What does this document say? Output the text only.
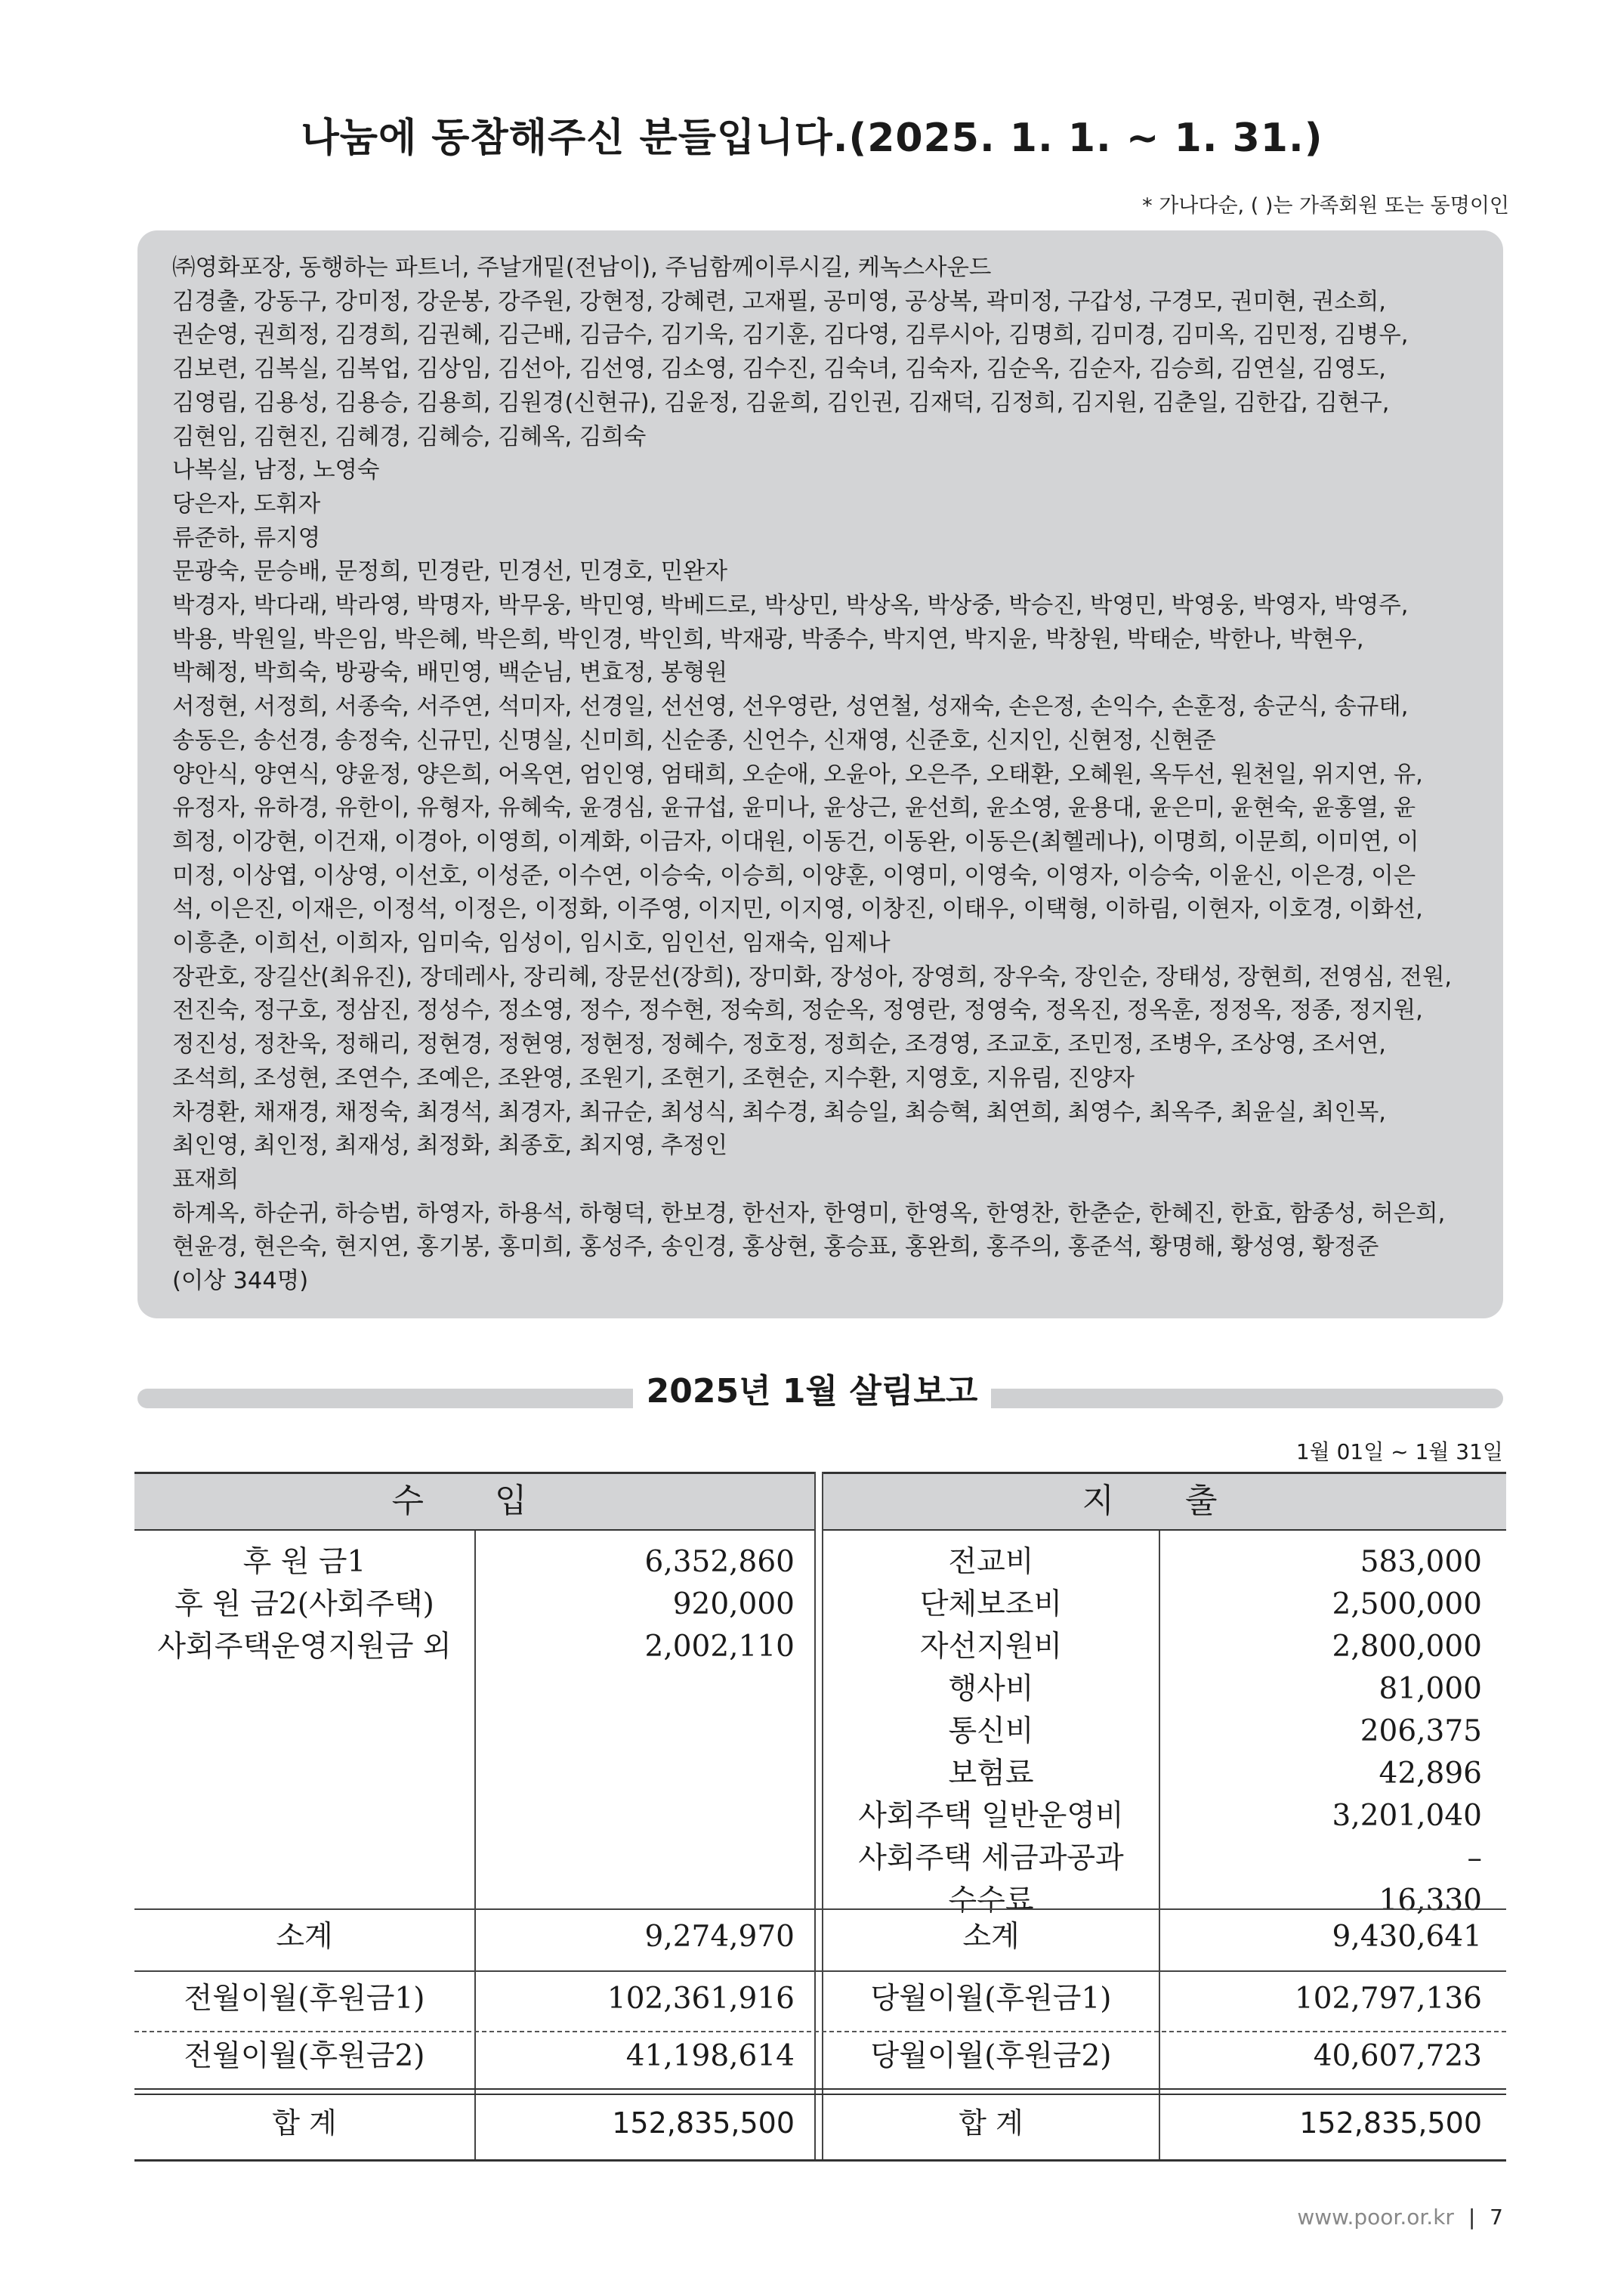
나눔에 동참해주신 분들입니다.(2025. 1. 1. ~ 1. 31.)
* 가나다순, ( )는 가족회원 또는 동명이인
㈜영화포장, 동행하는 파트너, 주날개밑(전남이), 주님함께이루시길, 케녹스사운드
김경출, 강동구, 강미정, 강운봉, 강주원, 강현정, 강혜련, 고재필, 공미영, 공상복, 곽미정, 구갑성, 구경모, 권미현, 권소희,
권순영, 권희정, 김경희, 김권혜, 김근배, 김금수, 김기욱, 김기훈, 김다영, 김루시아, 김명희, 김미경, 김미옥, 김민정, 김병우,
김보련, 김복실, 김복업, 김상임, 김선아, 김선영, 김소영, 김수진, 김숙녀, 김숙자, 김순옥, 김순자, 김승희, 김연실, 김영도,
김영림, 김용성, 김용승, 김용희, 김원경(신현규), 김윤정, 김윤희, 김인권, 김재덕, 김정희, 김지원, 김춘일, 김한갑, 김현구,
김현임, 김현진, 김혜경, 김혜승, 김혜옥, 김희숙
나복실, 남정, 노영숙
당은자, 도휘자
류준하, 류지영
문광숙, 문승배, 문정희, 민경란, 민경선, 민경호, 민완자
박경자, 박다래, 박라영, 박명자, 박무웅, 박민영, 박베드로, 박상민, 박상옥, 박상중, 박승진, 박영민, 박영웅, 박영자, 박영주,
박용, 박원일, 박은임, 박은혜, 박은희, 박인경, 박인희, 박재광, 박종수, 박지연, 박지윤, 박창원, 박태순, 박한나, 박현우,
박혜정, 박희숙, 방광숙, 배민영, 백순님, 변효정, 봉형원
서정현, 서정희, 서종숙, 서주연, 석미자, 선경일, 선선영, 선우영란, 성연철, 성재숙, 손은정, 손익수, 손훈정, 송군식, 송규태,
송동은, 송선경, 송정숙, 신규민, 신명실, 신미희, 신순종, 신언수, 신재영, 신준호, 신지인, 신현정, 신현준
양안식, 양연식, 양윤정, 양은희, 어옥연, 엄인영, 엄태희, 오순애, 오윤아, 오은주, 오태환, 오혜원, 옥두선, 원천일, 위지연, 유,
유정자, 유하경, 유한이, 유형자, 유혜숙, 윤경심, 윤규섭, 윤미나, 윤상근, 윤선희, 윤소영, 윤용대, 윤은미, 윤현숙, 윤홍열, 윤
희정, 이강현, 이건재, 이경아, 이영희, 이계화, 이금자, 이대원, 이동건, 이동완, 이동은(최헬레나), 이명희, 이문희, 이미연, 이
미정, 이상엽, 이상영, 이선호, 이성준, 이수연, 이승숙, 이승희, 이양훈, 이영미, 이영숙, 이영자, 이승숙, 이윤신, 이은경, 이은
석, 이은진, 이재은, 이정석, 이정은, 이정화, 이주영, 이지민, 이지영, 이창진, 이태우, 이택형, 이하림, 이현자, 이호경, 이화선,
이흥춘, 이희선, 이희자, 임미숙, 임성이, 임시호, 임인선, 임재숙, 임제나
장관호, 장길산(최유진), 장데레사, 장리혜, 장문선(장희), 장미화, 장성아, 장영희, 장우숙, 장인순, 장태성, 장현희, 전영심, 전원,
전진숙, 정구호, 정삼진, 정성수, 정소영, 정수, 정수현, 정숙희, 정순옥, 정영란, 정영숙, 정옥진, 정옥훈, 정정옥, 정종, 정지원,
정진성, 정찬욱, 정해리, 정현경, 정현영, 정현정, 정혜수, 정호정, 정희순, 조경영, 조교호, 조민정, 조병우, 조상영, 조서연,
조석희, 조성현, 조연수, 조예은, 조완영, 조원기, 조현기, 조현순, 지수환, 지영호, 지유림, 진양자
차경환, 채재경, 채정숙, 최경석, 최경자, 최규순, 최성식, 최수경, 최승일, 최승혁, 최연희, 최영수, 최옥주, 최윤실, 최인목,
최인영, 최인정, 최재성, 최정화, 최종호, 최지영, 추정인
표재희
하계옥, 하순귀, 하승범, 하영자, 하용석, 하형덕, 한보경, 한선자, 한영미, 한영옥, 한영찬, 한춘순, 한혜진, 한효, 함종성, 허은희,
현윤경, 현은숙, 현지연, 홍기봉, 홍미희, 홍성주, 송인경, 홍상현, 홍승표, 홍완희, 홍주의, 홍준석, 황명해, 황성영, 황정준
(이상 344명)
2025년 1월 살림보고
1월 01일 ~ 1월 31일
수 입	지 출
후 원 금1	6,352,860
후 원 금2(사회주택)	920,000
사회주택운영지원금 외	2,002,110
전교비	583,000
단체보조비	2,500,000
자선지원비	2,800,000
행사비	81,000
통신비	206,375
보험료	42,896
사회주택 일반운영비	3,201,040
사회주택 세금과공과	–
수수료	16,330
소계	9,274,970	소계	9,430,641
전월이월(후원금1)	102,361,916	당월이월(후원금1)	102,797,136
전월이월(후원금2)	41,198,614	당월이월(후원금2)	40,607,723
합 계	152,835,500	합 계	152,835,500
www.poor.or.kr | 7
